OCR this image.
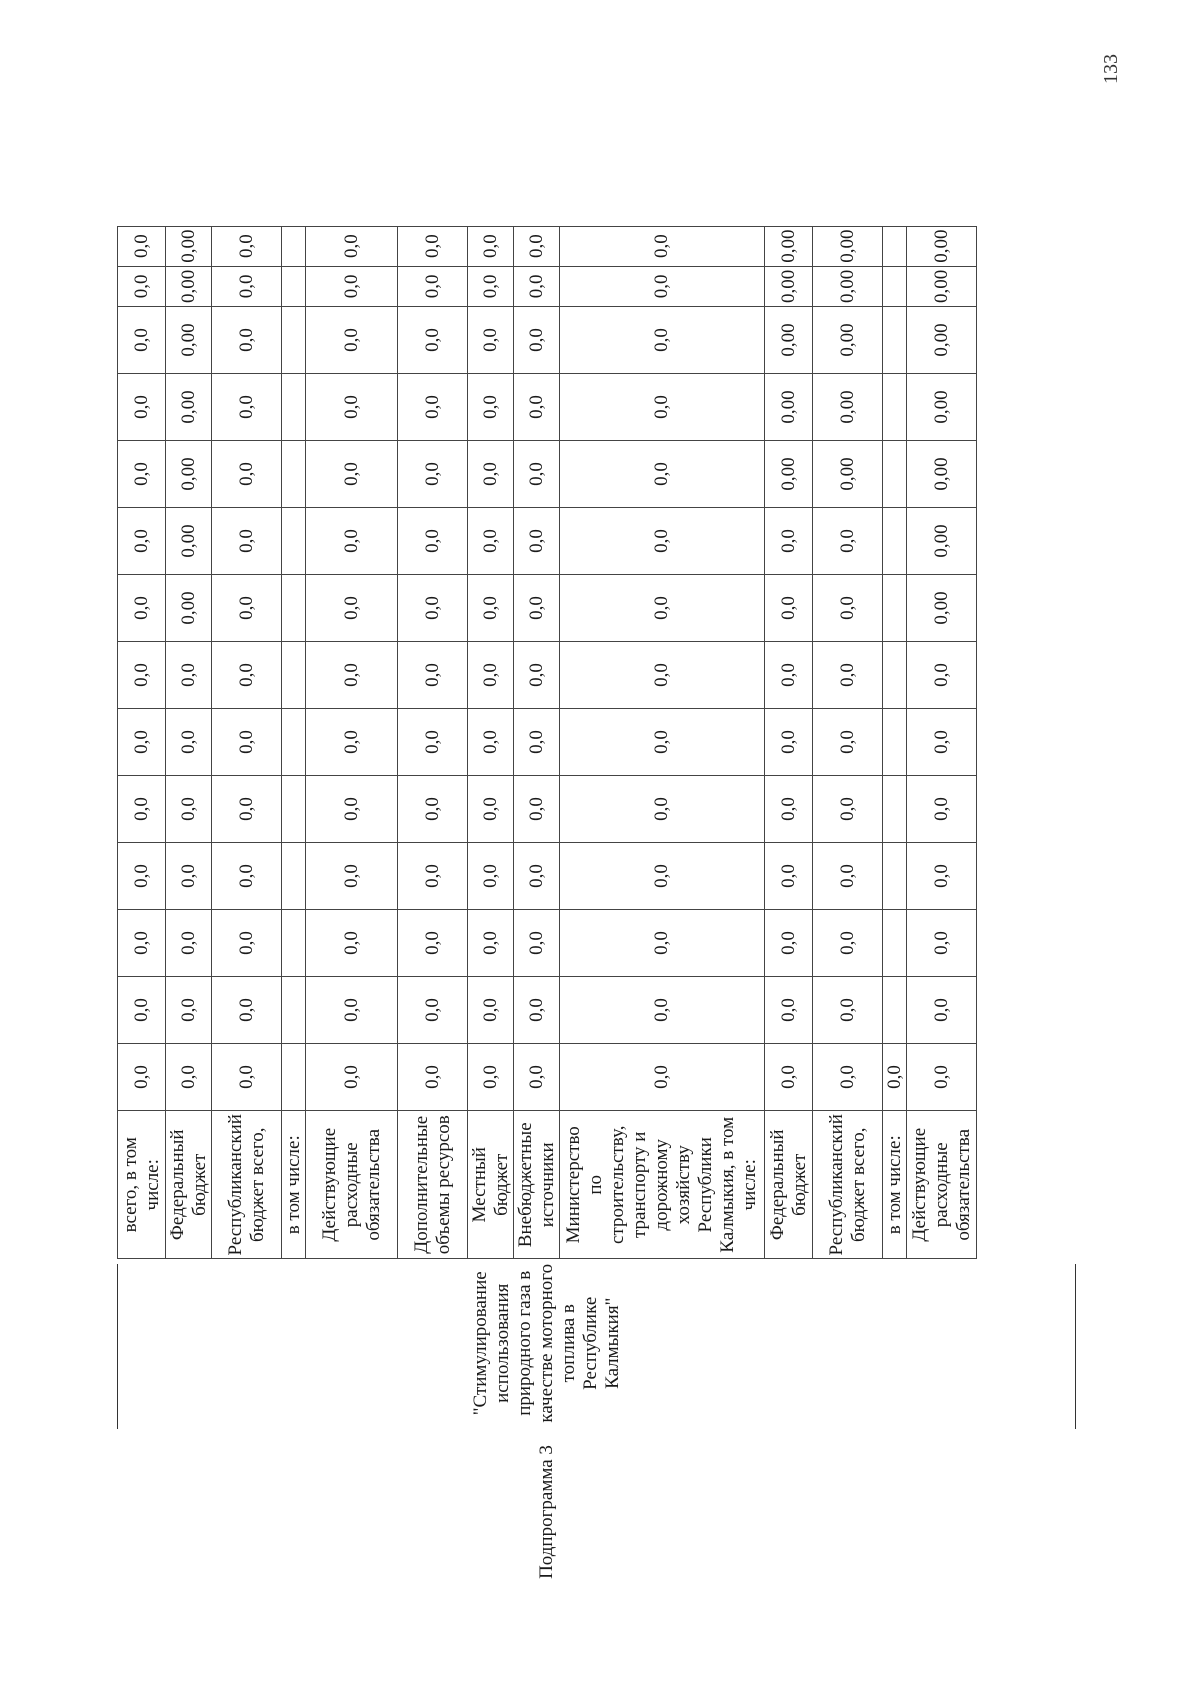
Подпрограмма 3	"Стимулирование использования природного газа в качестве моторного топлива в Республике Калмыкия"	всего, в том числе:	0,0	0,0	0,0	0,0	0,0	0,0	0,0	0,0	0,0	0,0	0,0	0,0	0,0	0,0
		Федеральный бюджет	0,0	0,0	0,0	0,0	0,0	0,0	0,0	0,00	0,00	0,00	0,00	0,00	0,00	0,00
		Республиканский бюджет всего,	0,0	0,0	0,0	0,0	0,0	0,0	0,0	0,0	0,0	0,0	0,0	0,0	0,0	0,0
		в том числе:														
		Действующие расходные обязательства	0,0	0,0	0,0	0,0	0,0	0,0	0,0	0,0	0,0	0,0	0,0	0,0	0,0	0,0
		Дополнительные объемы ресурсов	0,0	0,0	0,0	0,0	0,0	0,0	0,0	0,0	0,0	0,0	0,0	0,0	0,0	0,0
		Местный бюджет	0,0	0,0	0,0	0,0	0,0	0,0	0,0	0,0	0,0	0,0	0,0	0,0	0,0	0,0
		Внебюджетные источники	0,0	0,0	0,0	0,0	0,0	0,0	0,0	0,0	0,0	0,0	0,0	0,0	0,0	0,0
		Министерство по строительству, транспорту и дорожному хозяйству Республики Калмыкия, в том числе:	0,0	0,0	0,0	0,0	0,0	0,0	0,0	0,0	0,0	0,0	0,0	0,0	0,0	0,0
		Федеральный бюджет	0,0	0,0	0,0	0,0	0,0	0,0	0,0	0,0	0,0	0,00	0,00	0,00	0,00	0,00
		Республиканский бюджет всего,	0,0	0,0	0,0	0,0	0,0	0,0	0,0	0,0	0,0	0,00	0,00	0,00	0,00	0,00
		в том числе:	0,0													
		Действующие расходные обязательства	0,0	0,0	0,0	0,0	0,0	0,0	0,0	0,00	0,00	0,00	0,00	0,00	0,00	0,00
133
